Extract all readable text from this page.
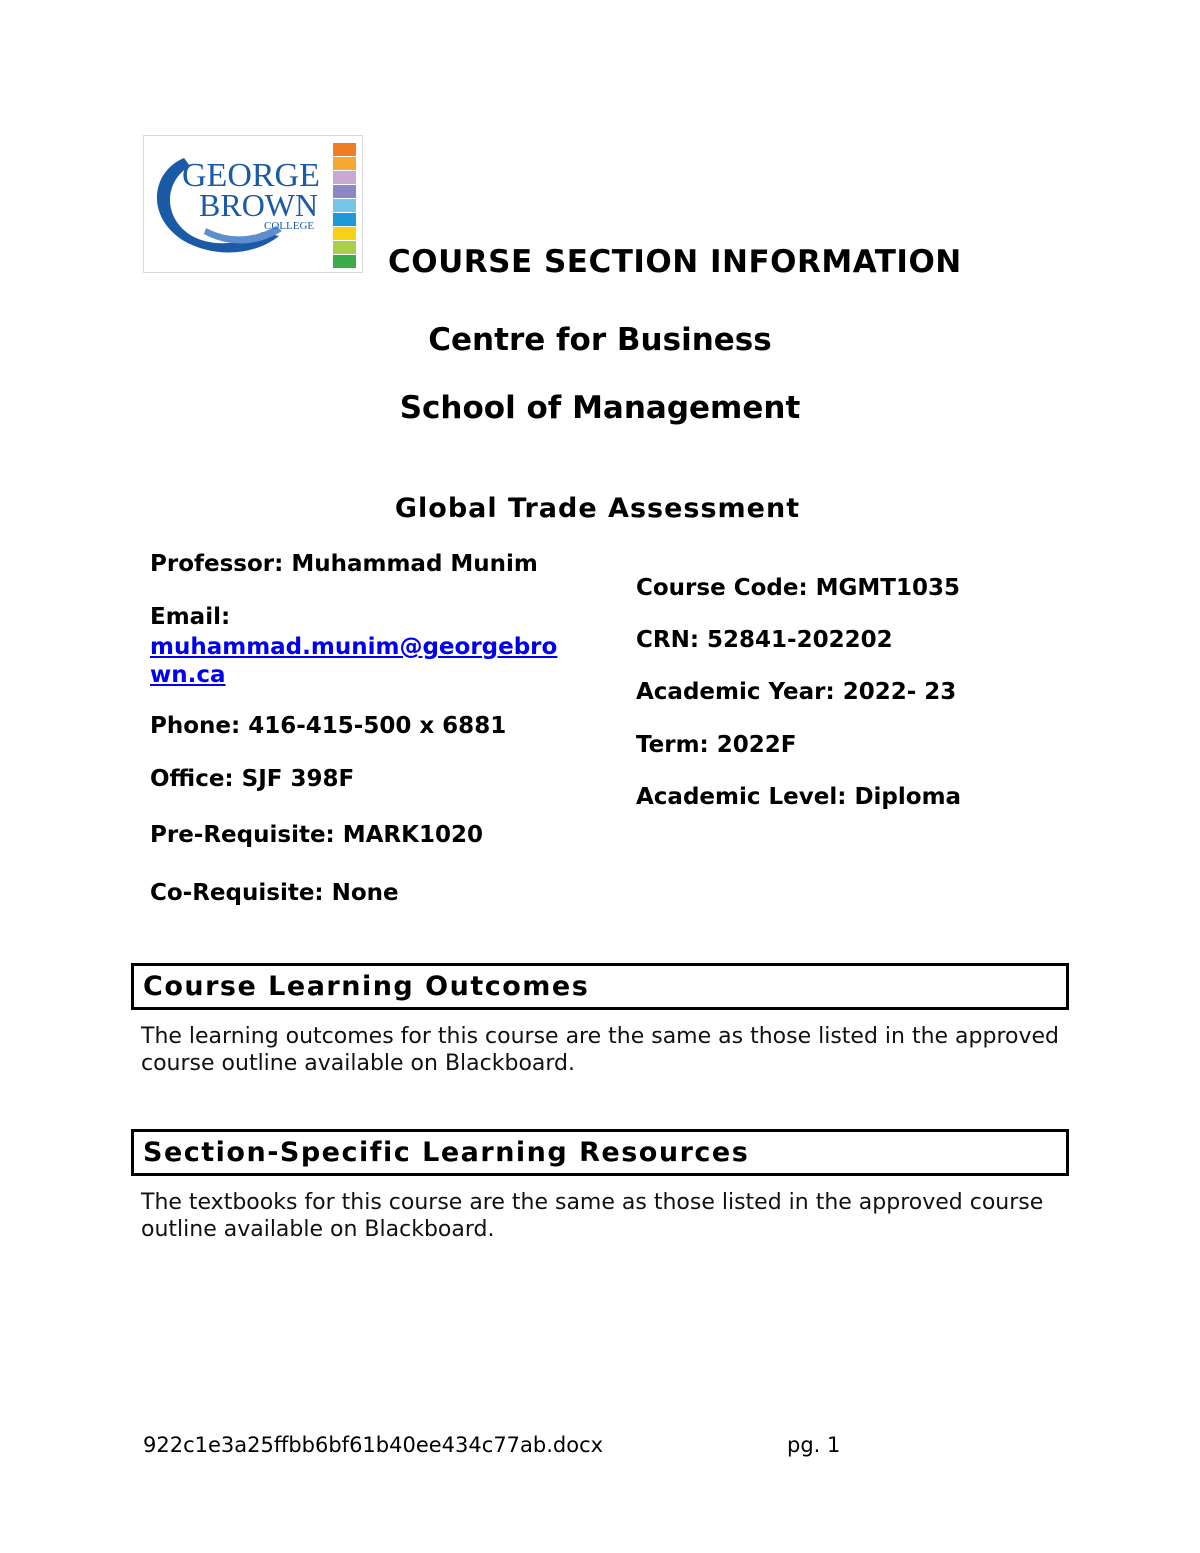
GEORGE
BROWN
COLLEGE
COURSE SECTION INFORMATION
Centre for Business
School of Management
Global Trade Assessment
Professor: Muhammad Munim
Email:
muhammad.munim@georgebro
wn.ca
Phone: 416-415-500 x 6881
Office: SJF 398F
Pre-Requisite: MARK1020
Co-Requisite: None
Course Code: MGMT1035
CRN: 52841-202202
Academic Year: 2022- 23
Term: 2022F
Academic Level: Diploma
Course Learning Outcomes
The learning outcomes for this course are the same as those listed in the approved
course outline available on Blackboard.
Section-Specific Learning Resources
The textbooks for this course are the same as those listed in the approved course
outline available on Blackboard.
922c1e3a25ffbb6bf61b40ee434c77ab.docx	pg. 1
